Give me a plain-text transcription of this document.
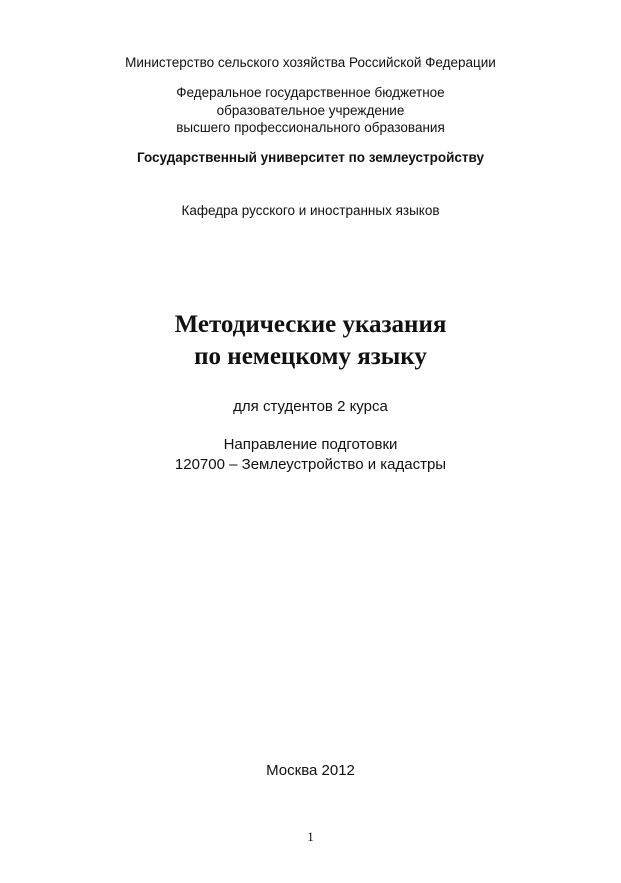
Министерство сельского хозяйства Российской Федерации
Федеральное государственное бюджетное
образовательное учреждение
высшего профессионального образования
Государственный университет по землеустройству
Кафедра русского и иностранных языков
Методические указания
по немецкому языку
для студентов 2 курса
Направление подготовки
120700 – Землеустройство и кадастры
Москва 2012
1
